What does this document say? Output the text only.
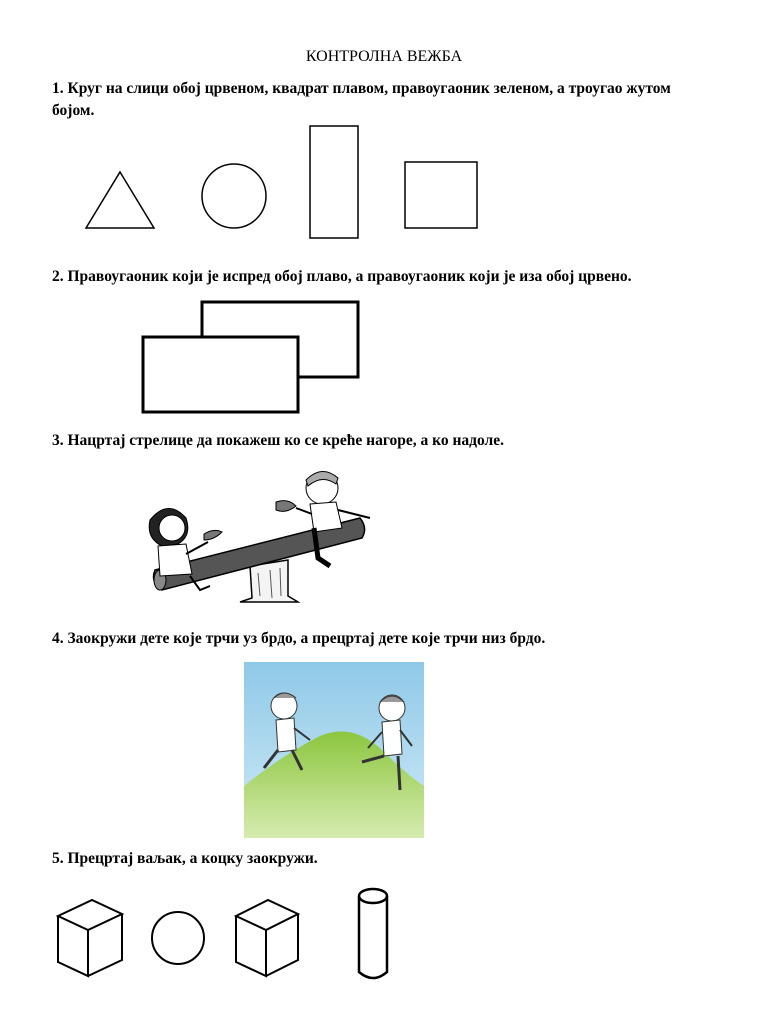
КОНТРОЛНА ВЕЖБА
1. Круг на слици обој црвеном, квадрат плавом, правоугаоник зеленом, а троугао жутом бојом.
2. Правоугаоник који је испред обој плаво, а правоугаоник који је иза обој црвено.
3. Нацртај стрелице да покажеш ко се креће нагоре, а ко надоле.
4. Заокружи дете које трчи уз брдо, а прецртај дете које трчи низ брдо.
5. Прецртај ваљак, а коцку заокружи.
